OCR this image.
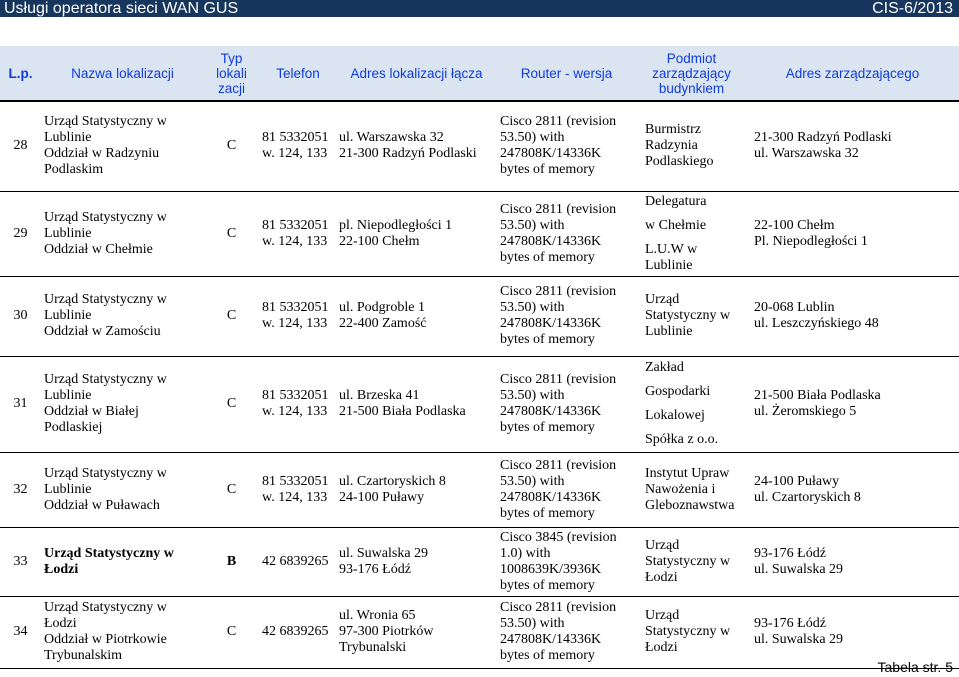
Usługi operatora sieci WAN GUS	CIS-6/2013
L.p.	Nazwa lokalizacji	Typ lokali zacji	Telefon	Adres lokalizacji łącza	Router - wersja	Podmiot zarządzający budynkiem	Adres zarządzającego
28	Urząd Statystyczny w
Lublinie
Oddział w Radzyniu
Podlaskim	C	81 5332051
w. 124, 133	ul. Warszawska 32
21-300 Radzyń Podlaski	Cisco 2811 (revision
53.50) with
247808K/14336K
bytes of memory	Burmistrz
Radzynia
Podlaskiego	21-300 Radzyń Podlaski
ul. Warszawska 32

29	Urząd Statystyczny w
Lublinie
Oddział w Chełmie	C	81 5332051
w. 124, 133	pl. Niepodległości 1
22-100 Chełm	Cisco 2811 (revision
53.50) with
247808K/14336K
bytes of memory	Delegatura
w Chełmie
L.U.W w Lublinie	22-100 Chełm
Pl. Niepodległości 1

30	Urząd Statystyczny w
Lublinie
Oddział w Zamościu	C	81 5332051
w. 124, 133	ul. Podgroble 1
22-400 Zamość	Cisco 2811 (revision
53.50) with
247808K/14336K
bytes of memory	Urząd
Statystyczny w
Lublinie	20-068 Lublin
ul. Leszczyńskiego 48

31	Urząd Statystyczny w
Lublinie
Oddział w Białej
Podlaskiej	C	81 5332051
w. 124, 133	ul. Brzeska 41
21-500 Biała Podlaska	Cisco 2811 (revision
53.50) with
247808K/14336K
bytes of memory	Zakład
Gospodarki
Lokalowej
Spółka z o.o.	21-500 Biała Podlaska
ul. Żeromskiego 5

32	Urząd Statystyczny w
Lublinie
Oddział w Puławach	C	81 5332051
w. 124, 133	ul. Czartoryskich 8
24-100 Puławy	Cisco 2811 (revision
53.50) with
247808K/14336K
bytes of memory	Instytut Upraw
Nawożenia i
Gleboznawstwa	24-100 Puławy
ul. Czartoryskich 8

33	Urząd Statystyczny w
Łodzi	B	42 6839265	ul. Suwalska 29
93-176 Łódź	Cisco 3845 (revision
1.0) with
1008639K/3936K
bytes of memory	Urząd
Statystyczny w
Łodzi	93-176 Łódź
ul. Suwalska 29

34	Urząd Statystyczny w
Łodzi
Oddział w Piotrkowie
Trybunalskim	C	42 6839265	ul. Wronia 65
97-300 Piotrków
Trybunalski	Cisco 2811 (revision
53.50) with
247808K/14336K
bytes of memory	Urząd
Statystyczny w
Łodzi	93-176 Łódź
ul. Suwalska 29
Tabela str. 5
